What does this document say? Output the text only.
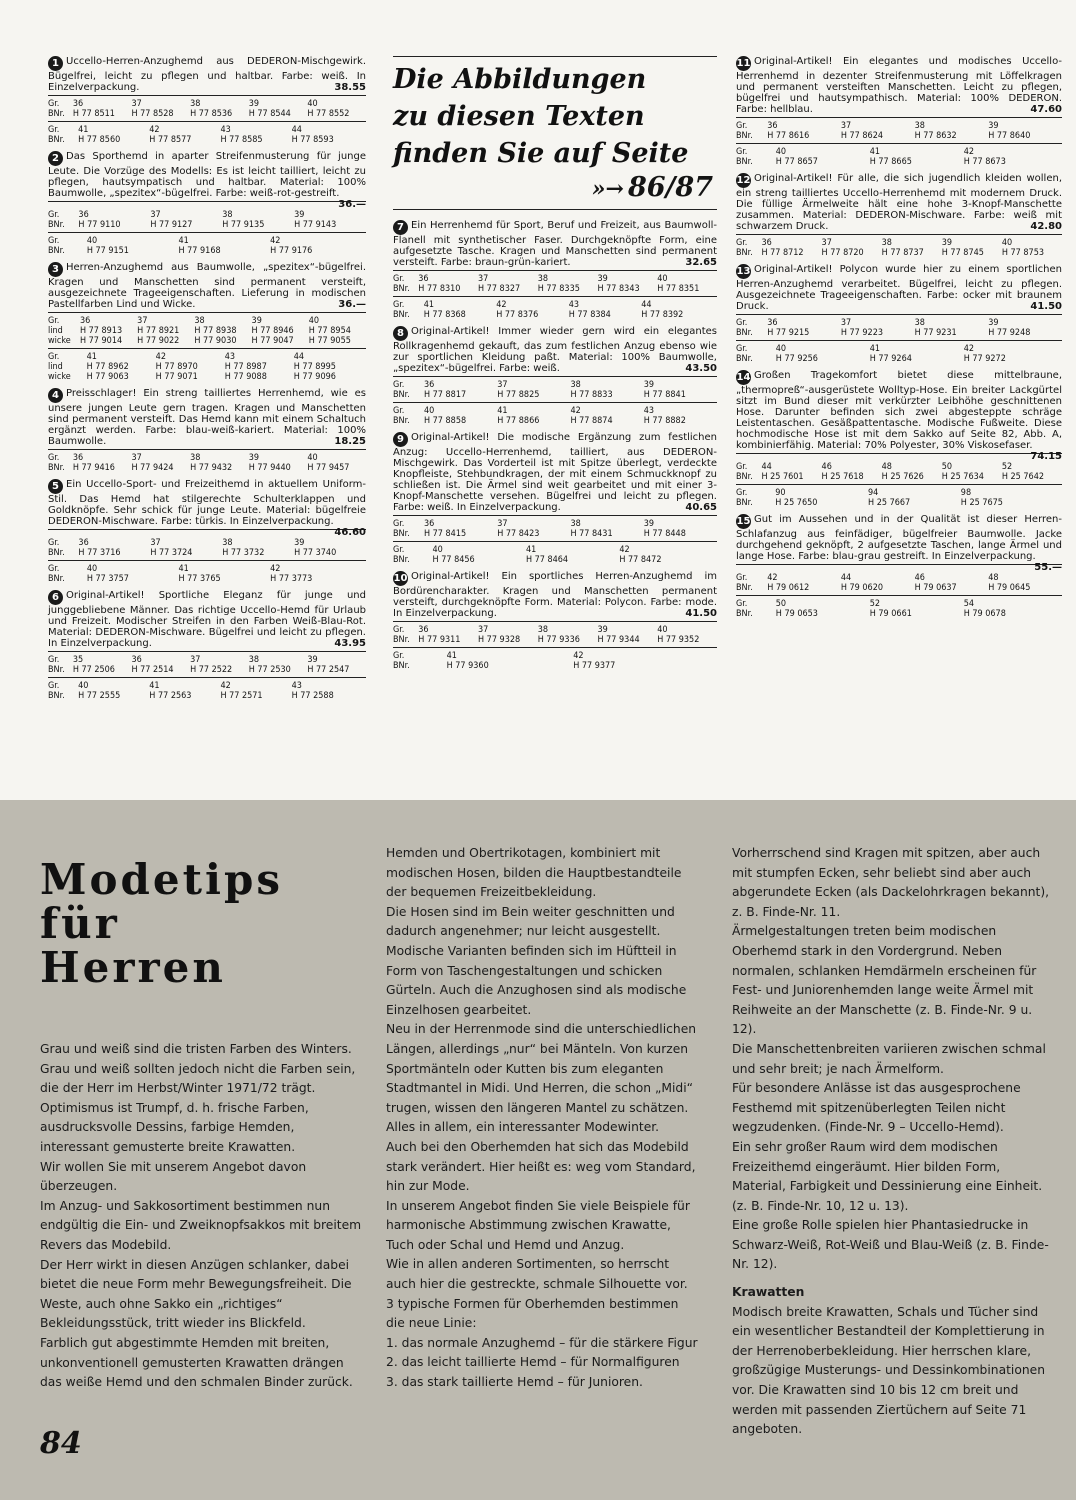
1 Uccello-Herren-Anzughemd aus DEDERON-Mischgewirk. Bügelfrei, leicht zu pflegen und haltbar. Farbe: weiß. In Einzelverpackung.	38.55
Gr.	36	37	38	39	40
BNr.	H 77 8511	H 77 8528	H 77 8536	H 77 8544	H 77 8552
Gr.	41	42	43	44	
BNr.	H 77 8560	H 77 8577	H 77 8585	H 77 8593	
2 Das Sporthemd in aparter Streifenmusterung für junge Leute. Die Vorzüge des Modells: Es ist leicht tailliert, leicht zu pflegen, hautsympatisch und haltbar. Material: 100% Baumwolle, „spezitex“-bügelfrei. Farbe: weiß-rot-gestreift.
36.—
Gr.	36	37	38	39
BNr.	H 77 9110	H 77 9127	H 77 9135	H 77 9143
Gr.	40	41	42	
BNr.	H 77 9151	H 77 9168	H 77 9176	
3 Herren-Anzughemd aus Baumwolle, „spezitex“-bügelfrei. Kragen und Manschetten sind permanent versteift, ausgezeichnete Trageeigenschaften. Lieferung in modischen Pastellfarben Lind und Wicke.	36.—
Gr.	36	37	38	39	40
lind	H 77 8913	H 77 8921	H 77 8938	H 77 8946	H 77 8954
wicke	H 77 9014	H 77 9022	H 77 9030	H 77 9047	H 77 9055
Gr.	41	42	43	44	
lind	H 77 8962	H 77 8970	H 77 8987	H 77 8995	
wicke	H 77 9063	H 77 9071	H 77 9088	H 77 9096	
4 Preisschlager! Ein streng tailliertes Herrenhemd, wie es unsere jungen Leute gern tragen. Kragen und Manschetten sind permanent versteift. Das Hemd kann mit einem Schaltuch ergänzt werden. Farbe: blau-weiß-kariert. Material: 100% Baumwolle.	18.25
Gr.	36	37	38	39	40
BNr.	H 77 9416	H 77 9424	H 77 9432	H 77 9440	H 77 9457
5 Ein Uccello-Sport- und Freizeithemd in aktuellem Uniform-Stil. Das Hemd hat stilgerechte Schulterklappen und Goldknöpfe. Sehr schick für junge Leute. Material: bügelfreie DEDERON-Mischware. Farbe: türkis. In Einzelverpackung.
46.60
Gr.	36	37	38	39
BNr.	H 77 3716	H 77 3724	H 77 3732	H 77 3740
Gr.	40	41	42	
BNr.	H 77 3757	H 77 3765	H 77 3773	
6 Original-Artikel! Sportliche Eleganz für junge und junggebliebene Männer. Das richtige Uccello-Hemd für Urlaub und Freizeit. Modischer Streifen in den Farben Weiß-Blau-Rot. Material: DEDERON-Mischware. Bügelfrei und leicht zu pflegen. In Einzelverpackung.	43.95
Gr.	35	36	37	38	39
BNr.	H 77 2506	H 77 2514	H 77 2522	H 77 2530	H 77 2547
Gr.	40	41	42	43	
BNr.	H 77 2555	H 77 2563	H 77 2571	H 77 2588	
Die Abbildungen
zu diesen Texten
finden Sie auf Seite
»→ 86/87
7 Ein Herrenhemd für Sport, Beruf und Freizeit, aus Baumwoll-Flanell mit synthetischer Faser. Durchgeknöpfte Form, eine aufgesetzte Tasche. Kragen und Manschetten sind permanent versteift. Farbe: braun-grün-kariert.	32.65
Gr.	36	37	38	39	40
BNr.	H 77 8310	H 77 8327	H 77 8335	H 77 8343	H 77 8351
Gr.	41	42	43	44	
BNr.	H 77 8368	H 77 8376	H 77 8384	H 77 8392	
8 Original-Artikel! Immer wieder gern wird ein elegantes Rollkragenhemd gekauft, das zum festlichen Anzug ebenso wie zur sportlichen Kleidung paßt. Material: 100% Baumwolle, „spezitex“-bügelfrei. Farbe: weiß.	43.50
Gr.	36	37	38	39
BNr.	H 77 8817	H 77 8825	H 77 8833	H 77 8841
Gr.	40	41	42	43
BNr.	H 77 8858	H 77 8866	H 77 8874	H 77 8882
9 Original-Artikel! Die modische Ergänzung zum festlichen Anzug: Uccello-Herrenhemd, tailliert, aus DEDERON-Mischgewirk. Das Vorderteil ist mit Spitze überlegt, verdeckte Knopfleiste, Stehbundkragen, der mit einem Schmuckknopf zu schließen ist. Die Ärmel sind weit gearbeitet und mit einer 3-Knopf-Manschette versehen. Bügelfrei und leicht zu pflegen. Farbe: weiß. In Einzelverpackung.	40.65
Gr.	36	37	38	39
BNr.	H 77 8415	H 77 8423	H 77 8431	H 77 8448
Gr.	40	41	42	
BNr.	H 77 8456	H 77 8464	H 77 8472	
10 Original-Artikel! Ein sportliches Herren-Anzughemd im Bordürencharakter. Kragen und Manschetten permanent versteift, durchgeknöpfte Form. Material: Polycon. Farbe: mode. In Einzelverpackung.	41.50
Gr.	36	37	38	39	40
BNr.	H 77 9311	H 77 9328	H 77 9336	H 77 9344	H 77 9352
Gr.	41	42			
BNr.	H 77 9360	H 77 9377			
11 Original-Artikel! Ein elegantes und modisches Uccello-Herrenhemd in dezenter Streifenmusterung mit Löffelkragen und permanent versteiften Manschetten. Leicht zu pflegen, bügelfrei und hautsympathisch. Material: 100% DEDERON. Farbe: hellblau.	47.60
Gr.	36	37	38	39
BNr.	H 77 8616	H 77 8624	H 77 8632	H 77 8640
Gr.	40	41	42	
BNr.	H 77 8657	H 77 8665	H 77 8673	
12 Original-Artikel! Für alle, die sich jugendlich kleiden wollen, ein streng tailliertes Uccello-Herrenhemd mit modernem Druck. Die füllige Ärmelweite hält eine hohe 3-Knopf-Manschette zusammen. Material: DEDERON-Mischware. Farbe: weiß mit schwarzem Druck.	42.80
Gr.	36	37	38	39	40
BNr.	H 77 8712	H 77 8720	H 77 8737	H 77 8745	H 77 8753
13 Original-Artikel! Polycon wurde hier zu einem sportlichen Herren-Anzughemd verarbeitet. Bügelfrei, leicht zu pflegen. Ausgezeichnete Trageeigenschaften. Farbe: ocker mit braunem Druck.	41.50
Gr.	36	37	38	39
BNr.	H 77 9215	H 77 9223	H 77 9231	H 77 9248
Gr.	40	41	42	
BNr.	H 77 9256	H 77 9264	H 77 9272	
14 Großen Tragekomfort bietet diese mittelbraune, „thermopreß“-ausgerüstete Wolltyp-Hose. Ein breiter Lackgürtel sitzt im Bund dieser mit verkürzter Leibhöhe geschnittenen Hose. Darunter befinden sich zwei abgesteppte schräge Leistentaschen. Gesäßpattentasche. Modische Fußweite. Diese hochmodische Hose ist mit dem Sakko auf Seite 82, Abb. A, kombinierfähig. Material: 70% Polyester, 30% Viskosefaser.
74.15
Gr.	44	46	48	50	52
BNr.	H 25 7601	H 25 7618	H 25 7626	H 25 7634	H 25 7642
Gr.	90	94	98		
BNr.	H 25 7650	H 25 7667	H 25 7675		
15 Gut im Aussehen und in der Qualität ist dieser Herren-Schlafanzug aus feinfädiger, bügelfreier Baumwolle. Jacke durchgehend geknöpft, 2 aufgesetzte Taschen, lange Ärmel und lange Hose. Farbe: blau-grau gestreift. In Einzelverpackung.
55.—
Gr.	42	44	46	48
BNr.	H 79 0612	H 79 0620	H 79 0637	H 79 0645
Gr.	50	52	54	
BNr.	H 79 0653	H 79 0661	H 79 0678	
Modetips
für
Herren

Grau und weiß sind die tristen Farben des Winters. Grau und weiß sollten jedoch nicht die Farben sein, die der Herr im Herbst/Winter 1971/72 trägt. Optimismus ist Trumpf, d. h. frische Farben, ausdrucksvolle Dessins, farbige Hemden, interessant gemusterte breite Krawatten.

Wir wollen Sie mit unserem Angebot davon überzeugen.

Im Anzug- und Sakkosortiment bestimmen nun endgültig die Ein- und Zweiknopfsakkos mit breitem Revers das Modebild.

Der Herr wirkt in diesen Anzügen schlanker, dabei bietet die neue Form mehr Bewegungsfreiheit. Die Weste, auch ohne Sakko ein „richtiges“ Bekleidungsstück, tritt wieder ins Blickfeld.

Farblich gut abgestimmte Hemden mit breiten, unkonventionell gemusterten Krawatten drängen das weiße Hemd und den schmalen Binder zurück.

Hemden und Obertrikotagen, kombiniert mit modischen Hosen, bilden die Hauptbestandteile der bequemen Freizeitbekleidung.

Die Hosen sind im Bein weiter geschnitten und dadurch angenehmer; nur leicht ausgestellt. Modische Varianten befinden sich im Hüftteil in Form von Taschengestaltungen und schicken Gürteln. Auch die Anzughosen sind als modische Einzelhosen gearbeitet.

Neu in der Herrenmode sind die unterschiedlichen Längen, allerdings „nur“ bei Mänteln. Von kurzen Sportmänteln oder Kutten bis zum eleganten Stadtmantel in Midi. Und Herren, die schon „Midi“ trugen, wissen den längeren Mantel zu schätzen.

Alles in allem, ein interessanter Modewinter.

Auch bei den Oberhemden hat sich das Modebild stark verändert. Hier heißt es: weg vom Standard, hin zur Mode.

In unserem Angebot finden Sie viele Beispiele für harmonische Abstimmung zwischen Krawatte, Tuch oder Schal und Hemd und Anzug.

Wie in allen anderen Sortimenten, so herrscht auch hier die gestreckte, schmale Silhouette vor. 3 typische Formen für Oberhemden bestimmen die neue Linie:

1. das normale Anzughemd – für die stärkere Figur

2. das leicht taillierte Hemd – für Normalfiguren

3. das stark taillierte Hemd – für Junioren.

Vorherrschend sind Kragen mit spitzen, aber auch mit stumpfen Ecken, sehr beliebt sind aber auch abgerundete Ecken (als Dackelohrkragen bekannt), z. B. Finde-Nr. 11.

Ärmelgestaltungen treten beim modischen Oberhemd stark in den Vordergrund. Neben normalen, schlanken Hemdärmeln erscheinen für Fest- und Juniorenhemden lange weite Ärmel mit Reihweite an der Manschette (z. B. Finde-Nr. 9 u. 12).

Die Manschettenbreiten variieren zwischen schmal und sehr breit; je nach Ärmelform.

Für besondere Anlässe ist das ausgesprochene Festhemd mit spitzenüberlegten Teilen nicht wegzudenken. (Finde-Nr. 9 – Uccello-Hemd).

Ein sehr großer Raum wird dem modischen Freizeithemd eingeräumt. Hier bilden Form, Material, Farbigkeit und Dessinierung eine Einheit. (z. B. Finde-Nr. 10, 12 u. 13).

Eine große Rolle spielen hier Phantasiedrucke in Schwarz-Weiß, Rot-Weiß und Blau-Weiß (z. B. Finde-Nr. 12).

Krawatten

Modisch breite Krawatten, Schals und Tücher sind ein wesentlicher Bestandteil der Komplettierung in der Herrenoberbekleidung. Hier herrschen klare, großzügige Musterungs- und Dessinkombinationen vor. Die Krawatten sind 10 bis 12 cm breit und werden mit passenden Ziertüchern auf Seite 71 angeboten.

84
